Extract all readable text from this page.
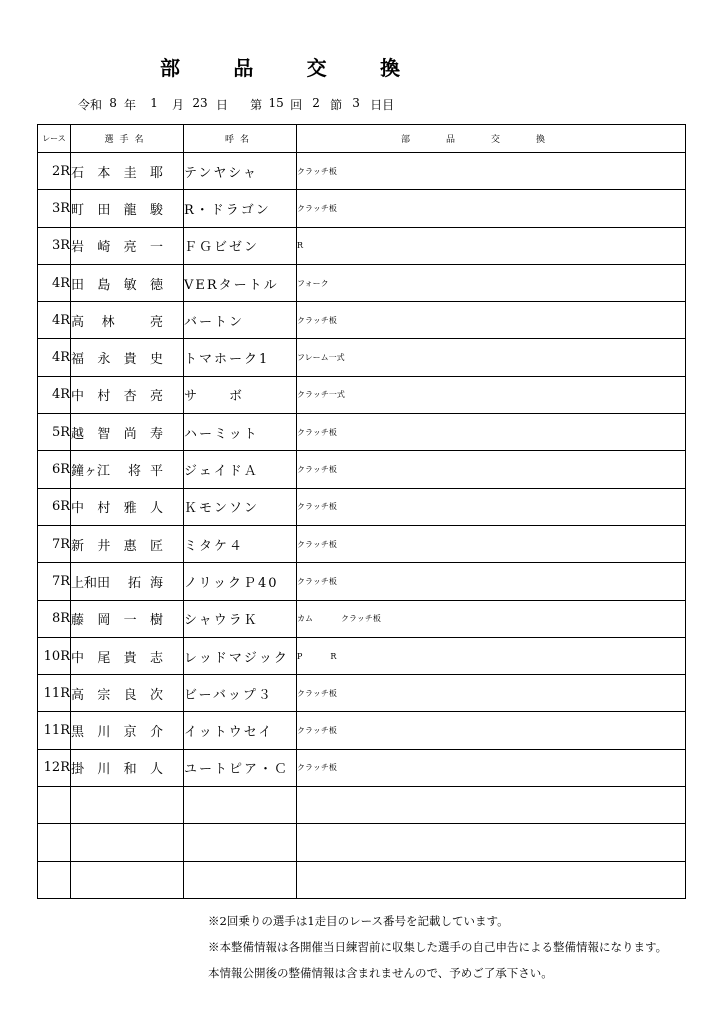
部	品	交	換
令和 8 年	1	月 23 日 第 15 回 2 節 3 日目
レース	選手名	呼名	部品交換
2R	石 本 圭 耶	テンヤシャ	クラッチ板
3R	町 田 龍 駿	R・ドラゴン	クラッチ板
3R	岩 崎 亮 一	ＦＧビゼン	R
4R	田 島 敏 徳	VERタートル	フォーク
4R	高 林 亮	バートン	クラッチ板
4R	福 永 貴 史	トマホーク1	フレーム一式
4R	中 村 杏 亮	サ　　ボ	クラッチ一式
5R	越 智 尚 寿	ハーミット	クラッチ板
6R	鐘ヶ江 将 平	ジェイドＡ	クラッチ板
6R	中 村 雅 人	Ｋモンソン	クラッチ板
7R	新 井 惠 匠	ミタケ４	クラッチ板
7R	上和田 拓 海	ノリックＰ40	クラッチ板
8R	藤 岡 一 樹	シャウラＫ	カム クラッチ板
10R	中 尾 貴 志	レッドマジック	P R
11R	高 宗 良 次	ビーバップ３	クラッチ板
11R	黒 川 京 介	イットウセイ	クラッチ板
12R	掛 川 和 人	ユートピア・Ｃ	クラッチ板

※2回乗りの選手は1走目のレース番号を記載しています。
※本整備情報は各開催当日練習前に収集した選手の自己申告による整備情報になります。
本情報公開後の整備情報は含まれませんので、予めご了承下さい。
